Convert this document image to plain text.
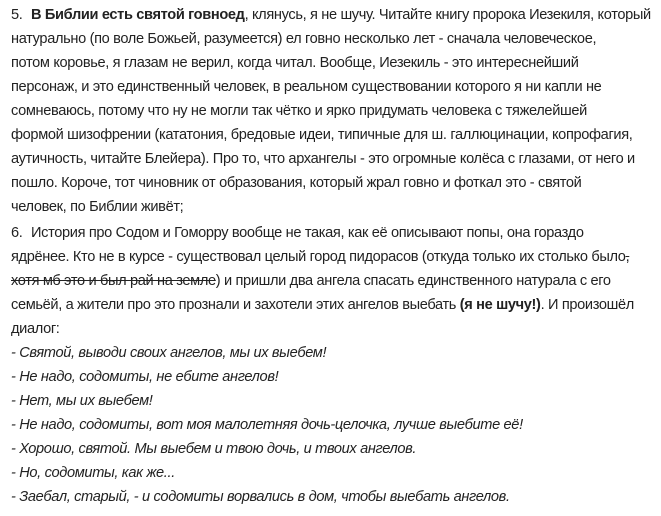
5. В Библии есть святой говноед, клянусь, я не шучу. Читайте книгу пророка Иезекиля, который
натурально (по воле Божьей, разумеется) ел говно несколько лет - сначала человеческое,
потом коровье, я глазам не верил, когда читал. Вообще, Иезекиль - это интереснейший
персонаж, и это единственный человек, в реальном существовании которого я ни капли не
сомневаюсь, потому что ну не могли так чётко и ярко придумать человека с тяжелейшей
формой шизофрении (кататония, бредовые идеи, типичные для ш. галлюцинации, копрофагия,
аутичность, читайте Блейера). Про то, что архангелы - это огромные колёса с глазами, от него и
пошло. Короче, тот чиновник от образования, который жрал говно и фоткал это - святой
человек, по Библии живёт;
6. История про Содом и Гоморру вообще не такая, как её описывают попы, она гораздо
ядрёнее. Кто не в курсе - существовал целый город пидорасов (откуда только их столько было,
хотя мб это и был рай на земле) и пришли два ангела спасать единственного натурала с его
семьёй, а жители про это прознали и захотели этих ангелов выебать (я не шучу!). И произошёл
диалог:
- Святой, выводи своих ангелов, мы их выебем!
- Не надо, содомиты, не ебите ангелов!
- Нет, мы их выебем!
- Не надо, содомиты, вот моя малолетняя дочь-целочка, лучше выебите её!
- Хорошо, святой. Мы выебем и твою дочь, и твоих ангелов.
- Но, содомиты, как же...
- Заебал, старый, - и содомиты ворвались в дом, чтобы выебать ангелов.
